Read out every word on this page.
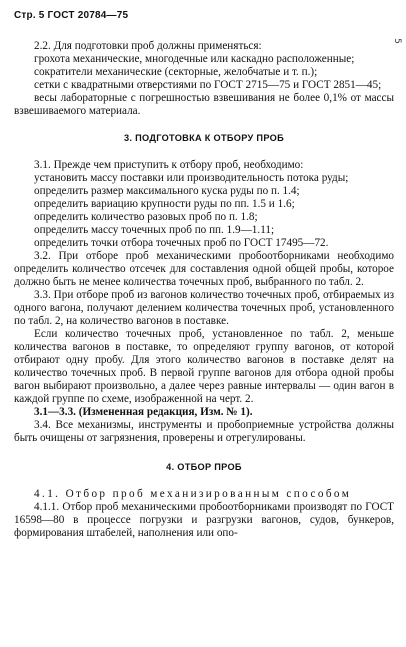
Стр. 5 ГОСТ 20784—75
5

2.2. Для подготовки проб должны применяться:

грохота механические, многодечные или каскадно расположенные;

сократители механические (секторные, желобчатые и т. п.);

сетки с квадратными отверстиями по ГОСТ 2715—75 и ГОСТ 2851—45;

весы лабораторные с погрешностью взвешивания не более 0,1% от массы взвешиваемого материала.

3. ПОДГОТОВКА К ОТБОРУ ПРОБ

3.1. Прежде чем приступить к отбору проб, необходимо:

установить массу поставки или производительность потока руды;

определить размер максимального куска руды по п. 1.4;

определить вариацию крупности руды по пп. 1.5 и 1.6;

определить количество разовых проб по п. 1.8;

определить массу точечных проб по пп. 1.9—1.11;

определить точки отбора точечных проб по ГОСТ 17495—72.

3.2. При отборе проб механическими пробоотборниками необходимо определить количество отсечек для составления одной общей пробы, которое должно быть не менее количества точечных проб, выбранного по табл. 2.

3.3. При отборе проб из вагонов количество точечных проб, отбираемых из одного вагона, получают делением количества точечных проб, установленного по табл. 2, на количество вагонов в поставке.

Если количество точечных проб, установленное по табл. 2, меньше количества вагонов в поставке, то определяют группу вагонов, от которой отбирают одну пробу. Для этого количество вагонов в поставке делят на количество точечных проб. В первой группе вагонов для отбора одной пробы вагон выбирают произвольно, а далее через равные интервалы — один вагон в каждой группе по схеме, изображенной на черт. 2.

3.1—3.3. (Измененная редакция, Изм. № 1).

3.4. Все механизмы, инструменты и пробоприемные устройства должны быть очищены от загрязнения, проверены и отрегулированы.

4. ОТБОР ПРОБ

4.1. Отбор проб механизированным способом

4.1.1. Отбор проб механическими пробоотборниками производят по ГОСТ 16598—80 в процессе погрузки и разгрузки вагонов, судов, бункеров, формирования штабелей, наполнения или опо-
